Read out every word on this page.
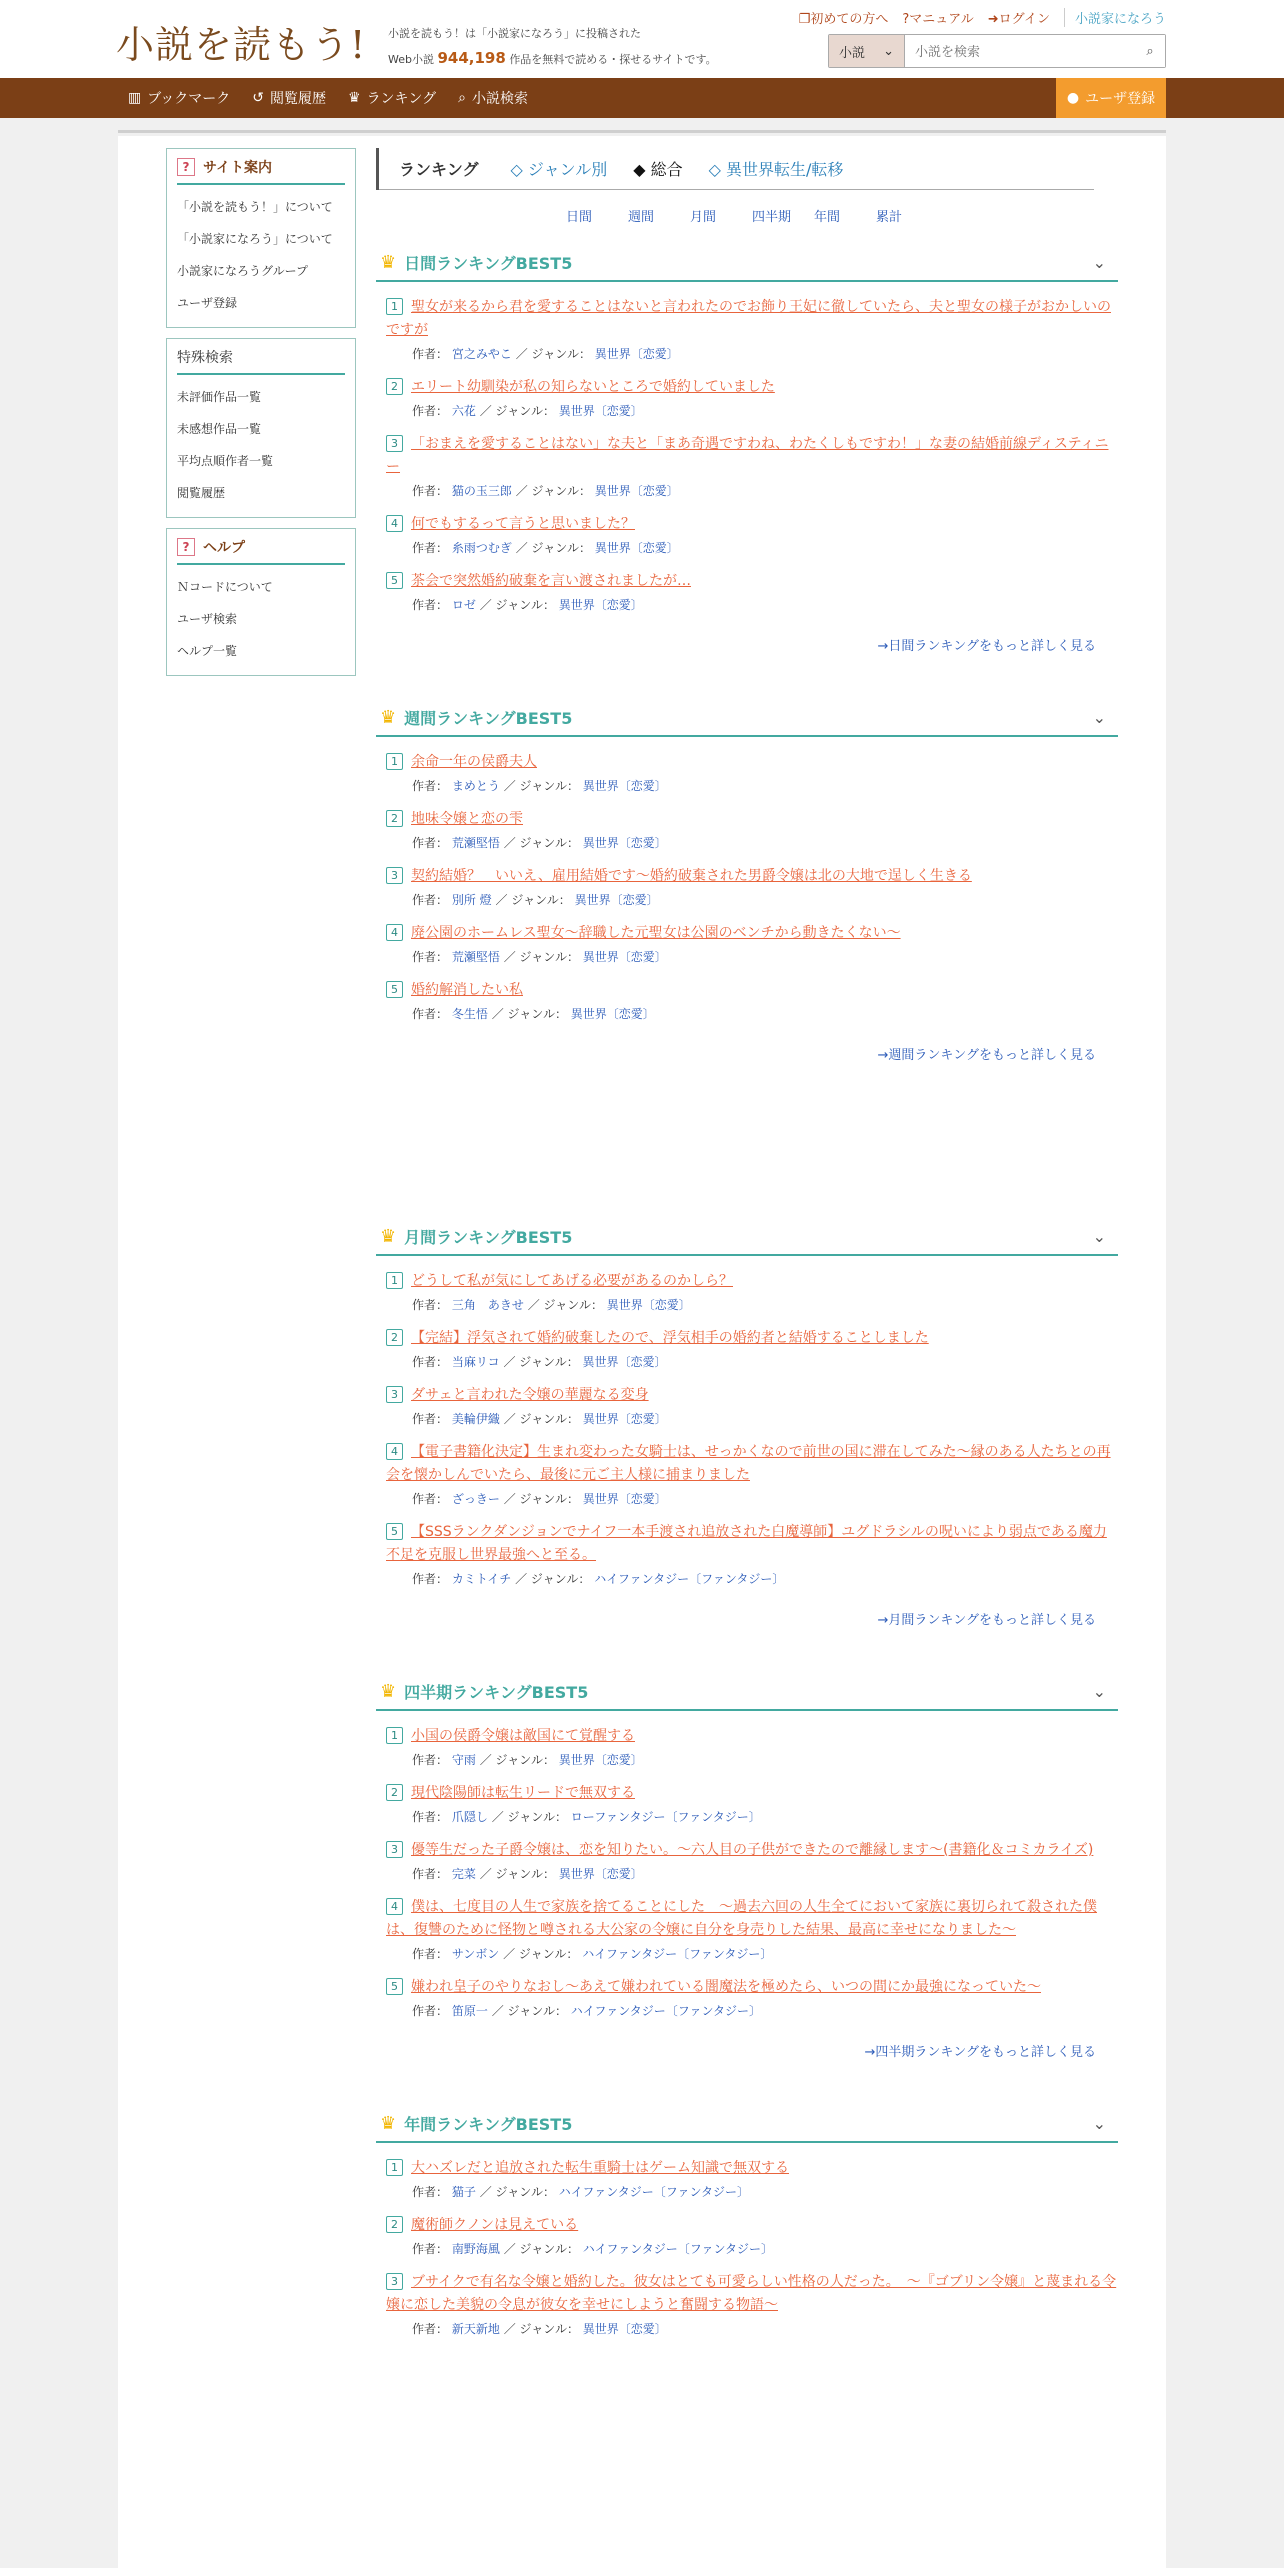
小説を読もう! 小説を読もう！は「小説家になろう」に投稿された
Web小説 944,198 作品を無料で読める・探せるサイトです。
❐初めての方へ ?マニュアル ➜ログイン	小説家になろう
小説 ⌄
小説を検索	⌕
▥ ブックマーク ↺ 閲覧履歴 ♛ ランキング ⌕ 小説検索	● ユーザ登録
? サイト案内
「小説を読もう！」について
「小説家になろう」について
小説家になろうグループ
ユーザ登録
特殊検索
未評価作品一覧
未感想作品一覧
平均点順作者一覧
閲覧履歴
? ヘルプ
Ｎコードについて
ユーザ検索
ヘルプ一覧
ランキング	◇ ジャンル別 ◆ 総合 ◇ 異世界転生/転移
日間	週間	月間	四半期	年間	累計
♛ 日間ランキングBEST5	⌄
1 聖女が来るから君を愛することはないと言われたのでお飾り王妃に徹していたら、夫と聖女の様子がおかしいのですが
作者： 宮之みやこ ／ ジャンル： 異世界〔恋愛〕
2 エリート幼馴染が私の知らないところで婚約していました
作者： 六花 ／ ジャンル： 異世界〔恋愛〕
3 「おまえを愛することはない」な夫と「まあ奇遇ですわね、わたくしもですわ！」な妻の結婚前線ディスティニー
作者： 猫の玉三郎 ／ ジャンル： 異世界〔恋愛〕
4 何でもするって言うと思いました？
作者： 糸雨つむぎ ／ ジャンル： 異世界〔恋愛〕
5 茶会で突然婚約破棄を言い渡されましたが…
作者： ロゼ ／ ジャンル： 異世界〔恋愛〕
→日間ランキングをもっと詳しく見る
♛ 週間ランキングBEST5	⌄
1 余命一年の侯爵夫人
作者： まめとう ／ ジャンル： 異世界〔恋愛〕
2 地味令嬢と恋の雫
作者： 荒瀬堅悟 ／ ジャンル： 異世界〔恋愛〕
3 契約結婚？　いいえ、雇用結婚です～婚約破棄された男爵令嬢は北の大地で逞しく生きる
作者： 別所 燈 ／ ジャンル： 異世界〔恋愛〕
4 廃公園のホームレス聖女～辞職した元聖女は公園のベンチから動きたくない～
作者： 荒瀬堅悟 ／ ジャンル： 異世界〔恋愛〕
5 婚約解消したい私
作者： 冬生悟 ／ ジャンル： 異世界〔恋愛〕
→週間ランキングをもっと詳しく見る
♛ 月間ランキングBEST5	⌄
1 どうして私が気にしてあげる必要があるのかしら？
作者： 三角　あきせ ／ ジャンル： 異世界〔恋愛〕
2 【完結】浮気されて婚約破棄したので、浮気相手の婚約者と結婚することしました
作者： 当麻リコ ／ ジャンル： 異世界〔恋愛〕
3 ダサェと言われた令嬢の華麗なる変身
作者： 美輪伊織 ／ ジャンル： 異世界〔恋愛〕
4 【電子書籍化決定】生まれ変わった女騎士は、せっかくなので前世の国に滞在してみた～縁のある人たちとの再会を懐かしんでいたら、最後に元ご主人様に捕まりました
作者： ざっきー ／ ジャンル： 異世界〔恋愛〕
5 【SSSランクダンジョンでナイフ一本手渡され追放された白魔導師】ユグドラシルの呪いにより弱点である魔力不足を克服し世界最強へと至る。
作者： カミトイチ ／ ジャンル： ハイファンタジー〔ファンタジー〕
→月間ランキングをもっと詳しく見る
♛ 四半期ランキングBEST5	⌄
1 小国の侯爵令嬢は敵国にて覚醒する
作者： 守雨 ／ ジャンル： 異世界〔恋愛〕
2 現代陰陽師は転生リードで無双する
作者： 爪隠し ／ ジャンル： ローファンタジー〔ファンタジー〕
3 優等生だった子爵令嬢は、恋を知りたい。～六人目の子供ができたので離縁します～(書籍化＆コミカライズ)
作者： 完菜 ／ ジャンル： 異世界〔恋愛〕
4 僕は、七度目の人生で家族を捨てることにした　～過去六回の人生全てにおいて家族に裏切られて殺された僕は、復讐のために怪物と噂される大公家の令嬢に自分を身売りした結果、最高に幸せになりました～
作者： サンボン ／ ジャンル： ハイファンタジー〔ファンタジー〕
5 嫌われ皇子のやりなおし～あえて嫌われている闇魔法を極めたら、いつの間にか最強になっていた～
作者： 笛原一 ／ ジャンル： ハイファンタジー〔ファンタジー〕
→四半期ランキングをもっと詳しく見る
♛ 年間ランキングBEST5	⌄
1 大ハズレだと追放された転生重騎士はゲーム知識で無双する
作者： 猫子 ／ ジャンル： ハイファンタジー〔ファンタジー〕
2 魔術師クノンは見えている
作者： 南野海風 ／ ジャンル： ハイファンタジー〔ファンタジー〕
3 ブサイクで有名な令嬢と婚約した。彼女はとても可愛らしい性格の人だった。　～『ゴブリン令嬢』と蔑まれる令嬢に恋した美貌の令息が彼女を幸せにしようと奮闘する物語～
作者： 新天新地 ／ ジャンル： 異世界〔恋愛〕
